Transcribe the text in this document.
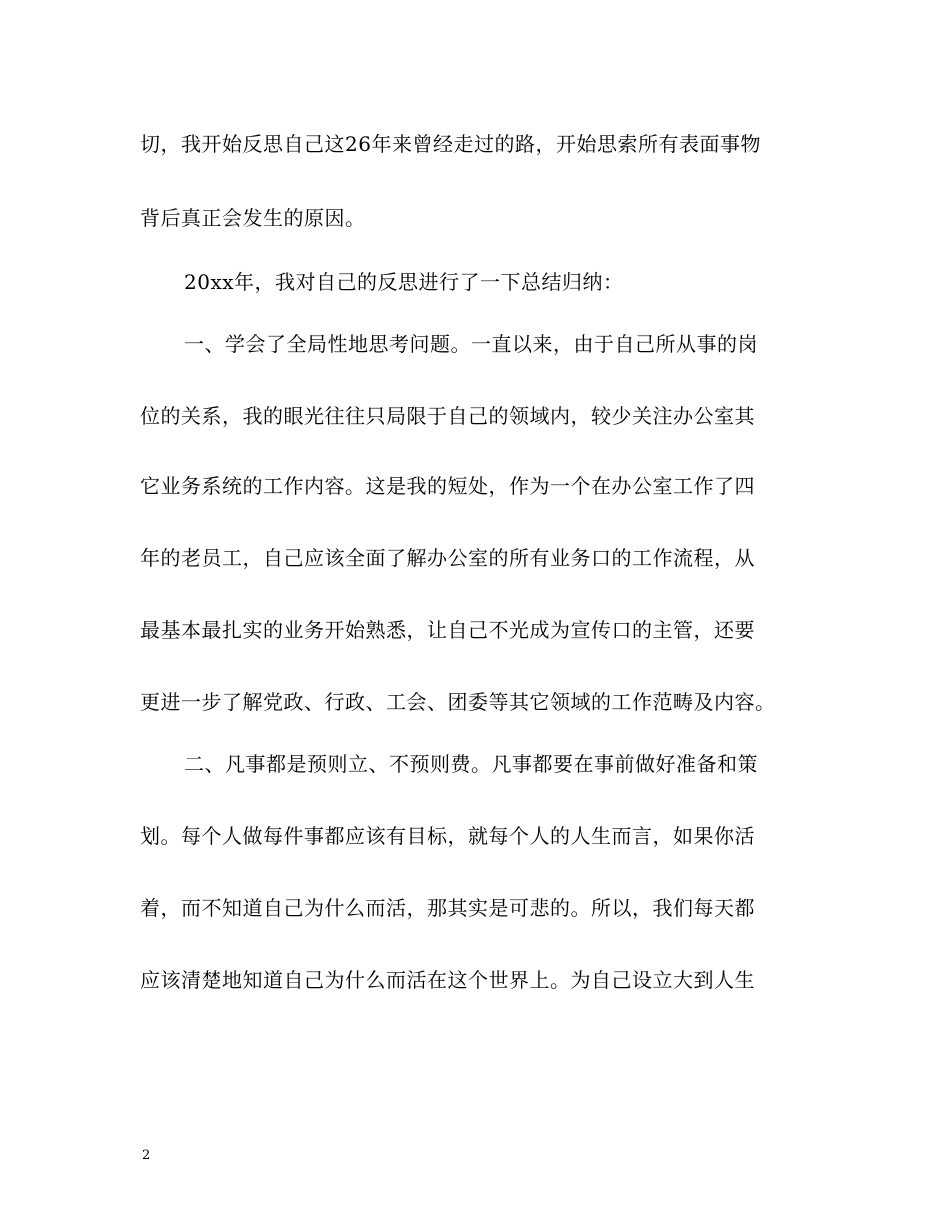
切，我开始反思自己这26年来曾经走过的路，开始思索所有表面事物
背后真正会发生的原因。
20xx年，我对自己的反思进行了一下总结归纳：
一、学会了全局性地思考问题。一直以来，由于自己所从事的岗
位的关系，我的眼光往往只局限于自己的领域内，较少关注办公室其
它业务系统的工作内容。这是我的短处，作为一个在办公室工作了四
年的老员工，自己应该全面了解办公室的所有业务口的工作流程，从
最基本最扎实的业务开始熟悉，让自己不光成为宣传口的主管，还要
更进一步了解党政、行政、工会、团委等其它领域的工作范畴及内容。
二、凡事都是预则立、不预则费。凡事都要在事前做好准备和策
划。每个人做每件事都应该有目标，就每个人的人生而言，如果你活
着，而不知道自己为什么而活，那其实是可悲的。所以，我们每天都
应该清楚地知道自己为什么而活在这个世界上。为自己设立大到人生
2
